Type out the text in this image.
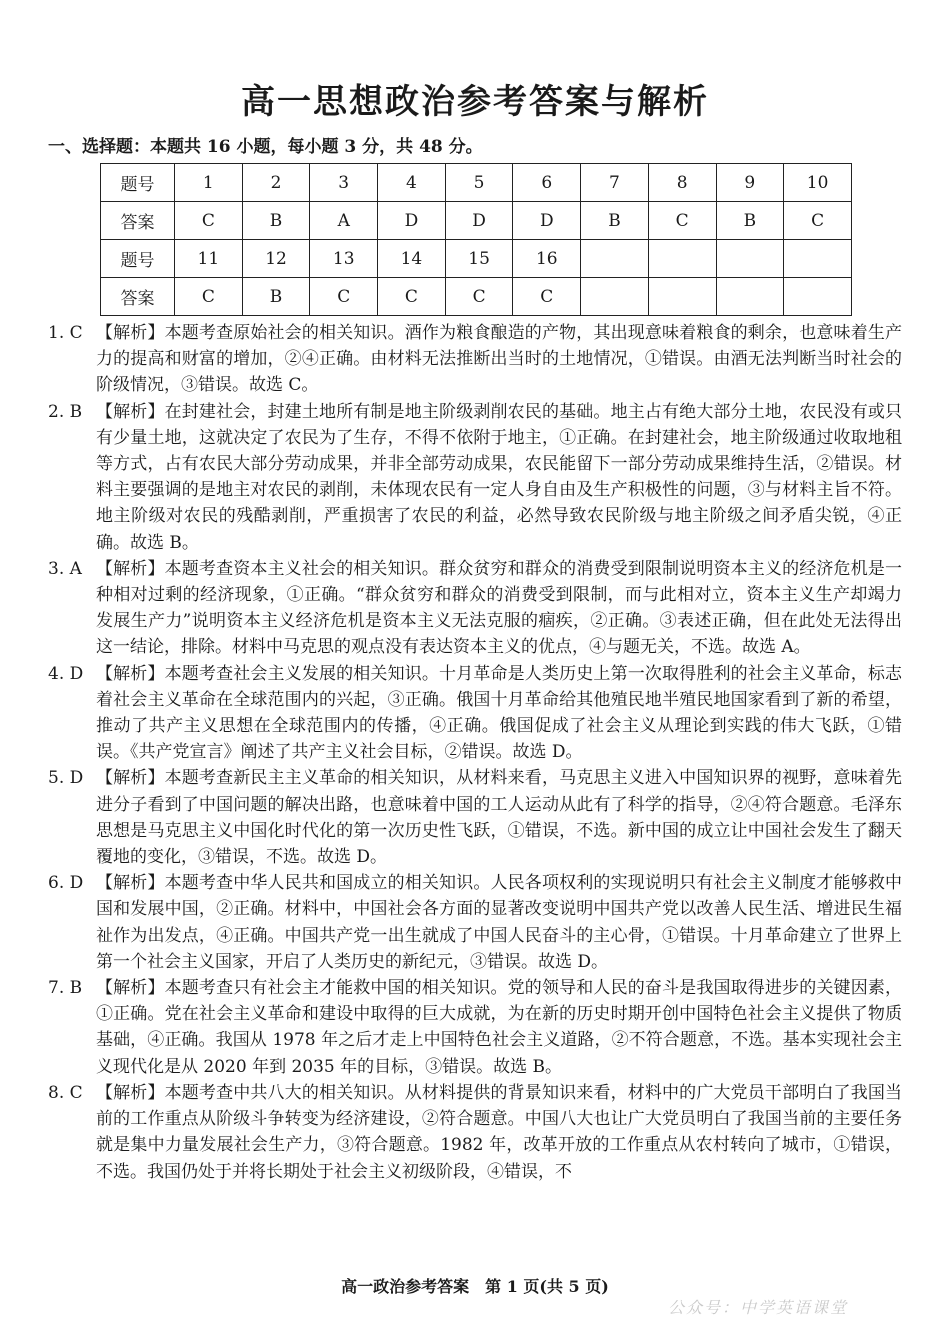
高一思想政治参考答案与解析
一、选择题：本题共 16 小题，每小题 3 分，共 48 分。
题号	1	2	3	4	5	6	7	8	9	10
答案	C	B	A	D	D	D	B	C	B	C
题号	11	12	13	14	15	16				
答案	C	B	C	C	C	C				
1. C 【解析】本题考查原始社会的相关知识。酒作为粮食酿造的产物，其出现意味着粮食的剩余，也意味着生产力的提高和财富的增加，②④正确。由材料无法推断出当时的土地情况，①错误。由酒无法判断当时社会的阶级情况，③错误。故选 C。
2. B 【解析】在封建社会，封建土地所有制是地主阶级剥削农民的基础。地主占有绝大部分土地，农民没有或只有少量土地，这就决定了农民为了生存，不得不依附于地主，①正确。在封建社会，地主阶级通过收取地租等方式，占有农民大部分劳动成果，并非全部劳动成果，农民能留下一部分劳动成果维持生活，②错误。材料主要强调的是地主对农民的剥削，未体现农民有一定人身自由及生产积极性的问题，③与材料主旨不符。地主阶级对农民的残酷剥削，严重损害了农民的利益，必然导致农民阶级与地主阶级之间矛盾尖锐，④正确。故选 B。
3. A 【解析】本题考查资本主义社会的相关知识。群众贫穷和群众的消费受到限制说明资本主义的经济危机是一种相对过剩的经济现象，①正确。“群众贫穷和群众的消费受到限制，而与此相对立，资本主义生产却竭力发展生产力”说明资本主义经济危机是资本主义无法克服的痼疾，②正确。③表述正确，但在此处无法得出这一结论，排除。材料中马克思的观点没有表达资本主义的优点，④与题无关，不选。故选 A。
4. D 【解析】本题考查社会主义发展的相关知识。十月革命是人类历史上第一次取得胜利的社会主义革命，标志着社会主义革命在全球范围内的兴起，③正确。俄国十月革命给其他殖民地半殖民地国家看到了新的希望，推动了共产主义思想在全球范围内的传播，④正确。俄国促成了社会主义从理论到实践的伟大飞跃，①错误。《共产党宣言》阐述了共产主义社会目标，②错误。故选 D。
5. D 【解析】本题考查新民主主义革命的相关知识，从材料来看，马克思主义进入中国知识界的视野，意味着先进分子看到了中国问题的解决出路，也意味着中国的工人运动从此有了科学的指导，②④符合题意。毛泽东思想是马克思主义中国化时代化的第一次历史性飞跃，①错误，不选。新中国的成立让中国社会发生了翻天覆地的变化，③错误，不选。故选 D。
6. D 【解析】本题考查中华人民共和国成立的相关知识。人民各项权利的实现说明只有社会主义制度才能够救中国和发展中国，②正确。材料中，中国社会各方面的显著改变说明中国共产党以改善人民生活、增进民生福祉作为出发点，④正确。中国共产党一出生就成了中国人民奋斗的主心骨，①错误。十月革命建立了世界上第一个社会主义国家，开启了人类历史的新纪元，③错误。故选 D。
7. B 【解析】本题考查只有社会主才能救中国的相关知识。党的领导和人民的奋斗是我国取得进步的关键因素，①正确。党在社会主义革命和建设中取得的巨大成就，为在新的历史时期开创中国特色社会主义提供了物质基础，④正确。我国从 1978 年之后才走上中国特色社会主义道路，②不符合题意，不选。基本实现社会主义现代化是从 2020 年到 2035 年的目标，③错误。故选 B。
8. C 【解析】本题考查中共八大的相关知识。从材料提供的背景知识来看，材料中的广大党员干部明白了我国当前的工作重点从阶级斗争转变为经济建设，②符合题意。中国八大也让广大党员明白了我国当前的主要任务就是集中力量发展社会生产力，③符合题意。1982 年，改革开放的工作重点从农村转向了城市，①错误，不选。我国仍处于并将长期处于社会主义初级阶段，④错误，不
高一政治参考答案　第 1 页(共 5 页)
公众号：中学英语课堂
